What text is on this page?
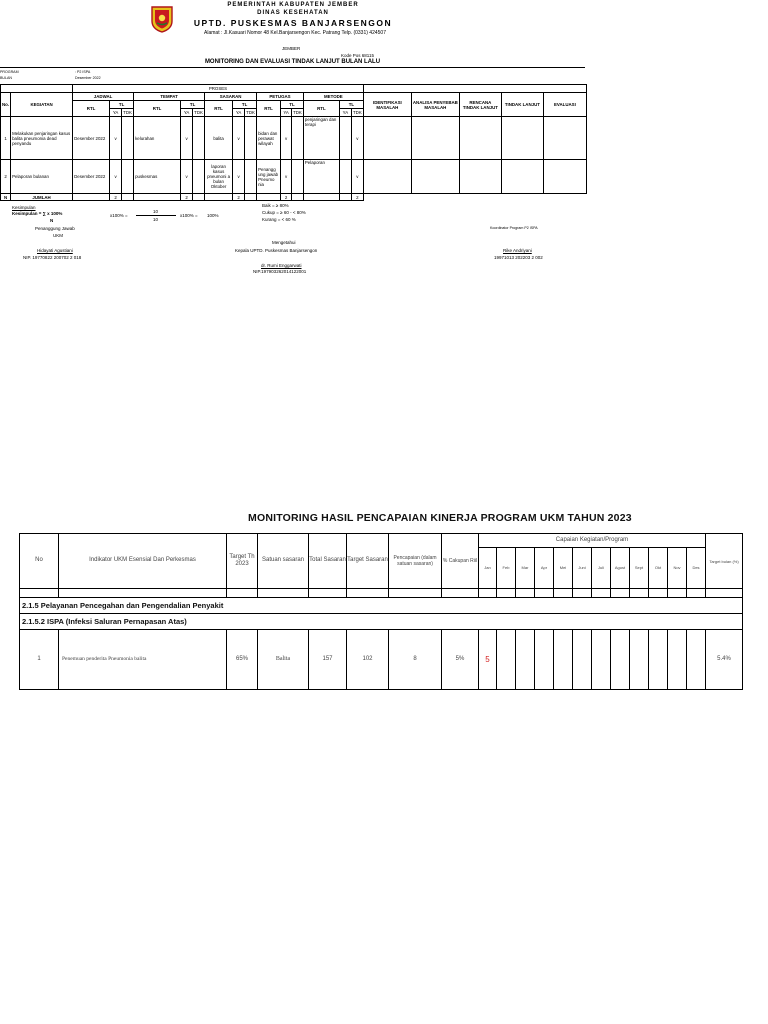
PEMERINTAH KABUPATEN JEMBER
DINAS KESEHATAN
UPTD. PUSKESMAS BANJARSENGON
Alamat : Jl.Kasuari Nomor 48 Kel.Banjarsengon Kec. Patrang Telp. (0331) 424507
JEMBER
Kode Pos 68115
MONITORING DAN EVALUASI TINDAK LANJUT BULAN LALU
PROGRAM	: P2 ISPA
BULAN	Desember 2022
		PROSES																			
No.	KEGIATAN	JADWAL			TEMPAT			SASARAN			PETUGAS			METODE			IDENTIFIKASI MASALAH	ANALISA PENYEBAB MASALAH	RENCANA TINDAK LANJUT	TINDAK LANJUT	EVALUASI
		RTL	TL		RTL	TL		RTL	TL		RTL	TL		RTL	TL						
			YA	TDK		YA	TDK		YA	TDK		YA	TDK		YA	TDK					
1	Melakukan penjaringan kasus balita pneumonia dead penyandu	Desember 2022	v		kelurahan	v		balita	v		bidan dan perawat wilayah	v		penjaringan dan terapi		v					
2	Pelaporan bulanan	Desember 2022	v		puskesmas	v		laporan kasus pneumoni a bulan Oktober	v		Penangg ung jawab Pneumo nia	v		Pelaporan		v					
N	JUMLAH		2			2			2			2				2					
Kesimpulan
Kesimpulan = ∑ x 100%
N
x100% =
10
10
x100% = 100%
Baik = ≥ 80%
Cukup = ≥ 60 - < 80%
Kurang = < 60 %
Penanggung Jawab
UKM
Hidayati Agustiani
NIP. 19770822 200702 2 018
Koordinator Program P2 ISPA
Rike Andriyani
19971013 202203 2 002
Mengetahui
Kepala UPTD. Puskesmas Banjarsengon
dr. Rumi Enggarwati
NIP.197903262014122001
MONITORING HASIL PENCAPAIAN KINERJA PROGRAM UKM TAHUN 2023
No	Indikator UKM Esensial Dan Perkesmas	Target Th 2023	Satuan sasaran	Total Sasaran	Target Sasaran	Pencapaian (dalam satuan sasaran)	% Cakupan Riil	Capaian Kegiatan/Program												Target bulan (%)
								Jan	Feb	Mar	Apr	Mei	Juni	Juli	Agust	Sept	Okt	Nov	Des	

2.1.5 Pelayanan Pencegahan dan Pengendalian Penyakit																				
2.1.5.2 ISPA (Infeksi Saluran Pernapasan Atas)																				
1	Penemuan penderita Pneumonia balita	65%	Balita	157	102	8	5%	5												5.4%
